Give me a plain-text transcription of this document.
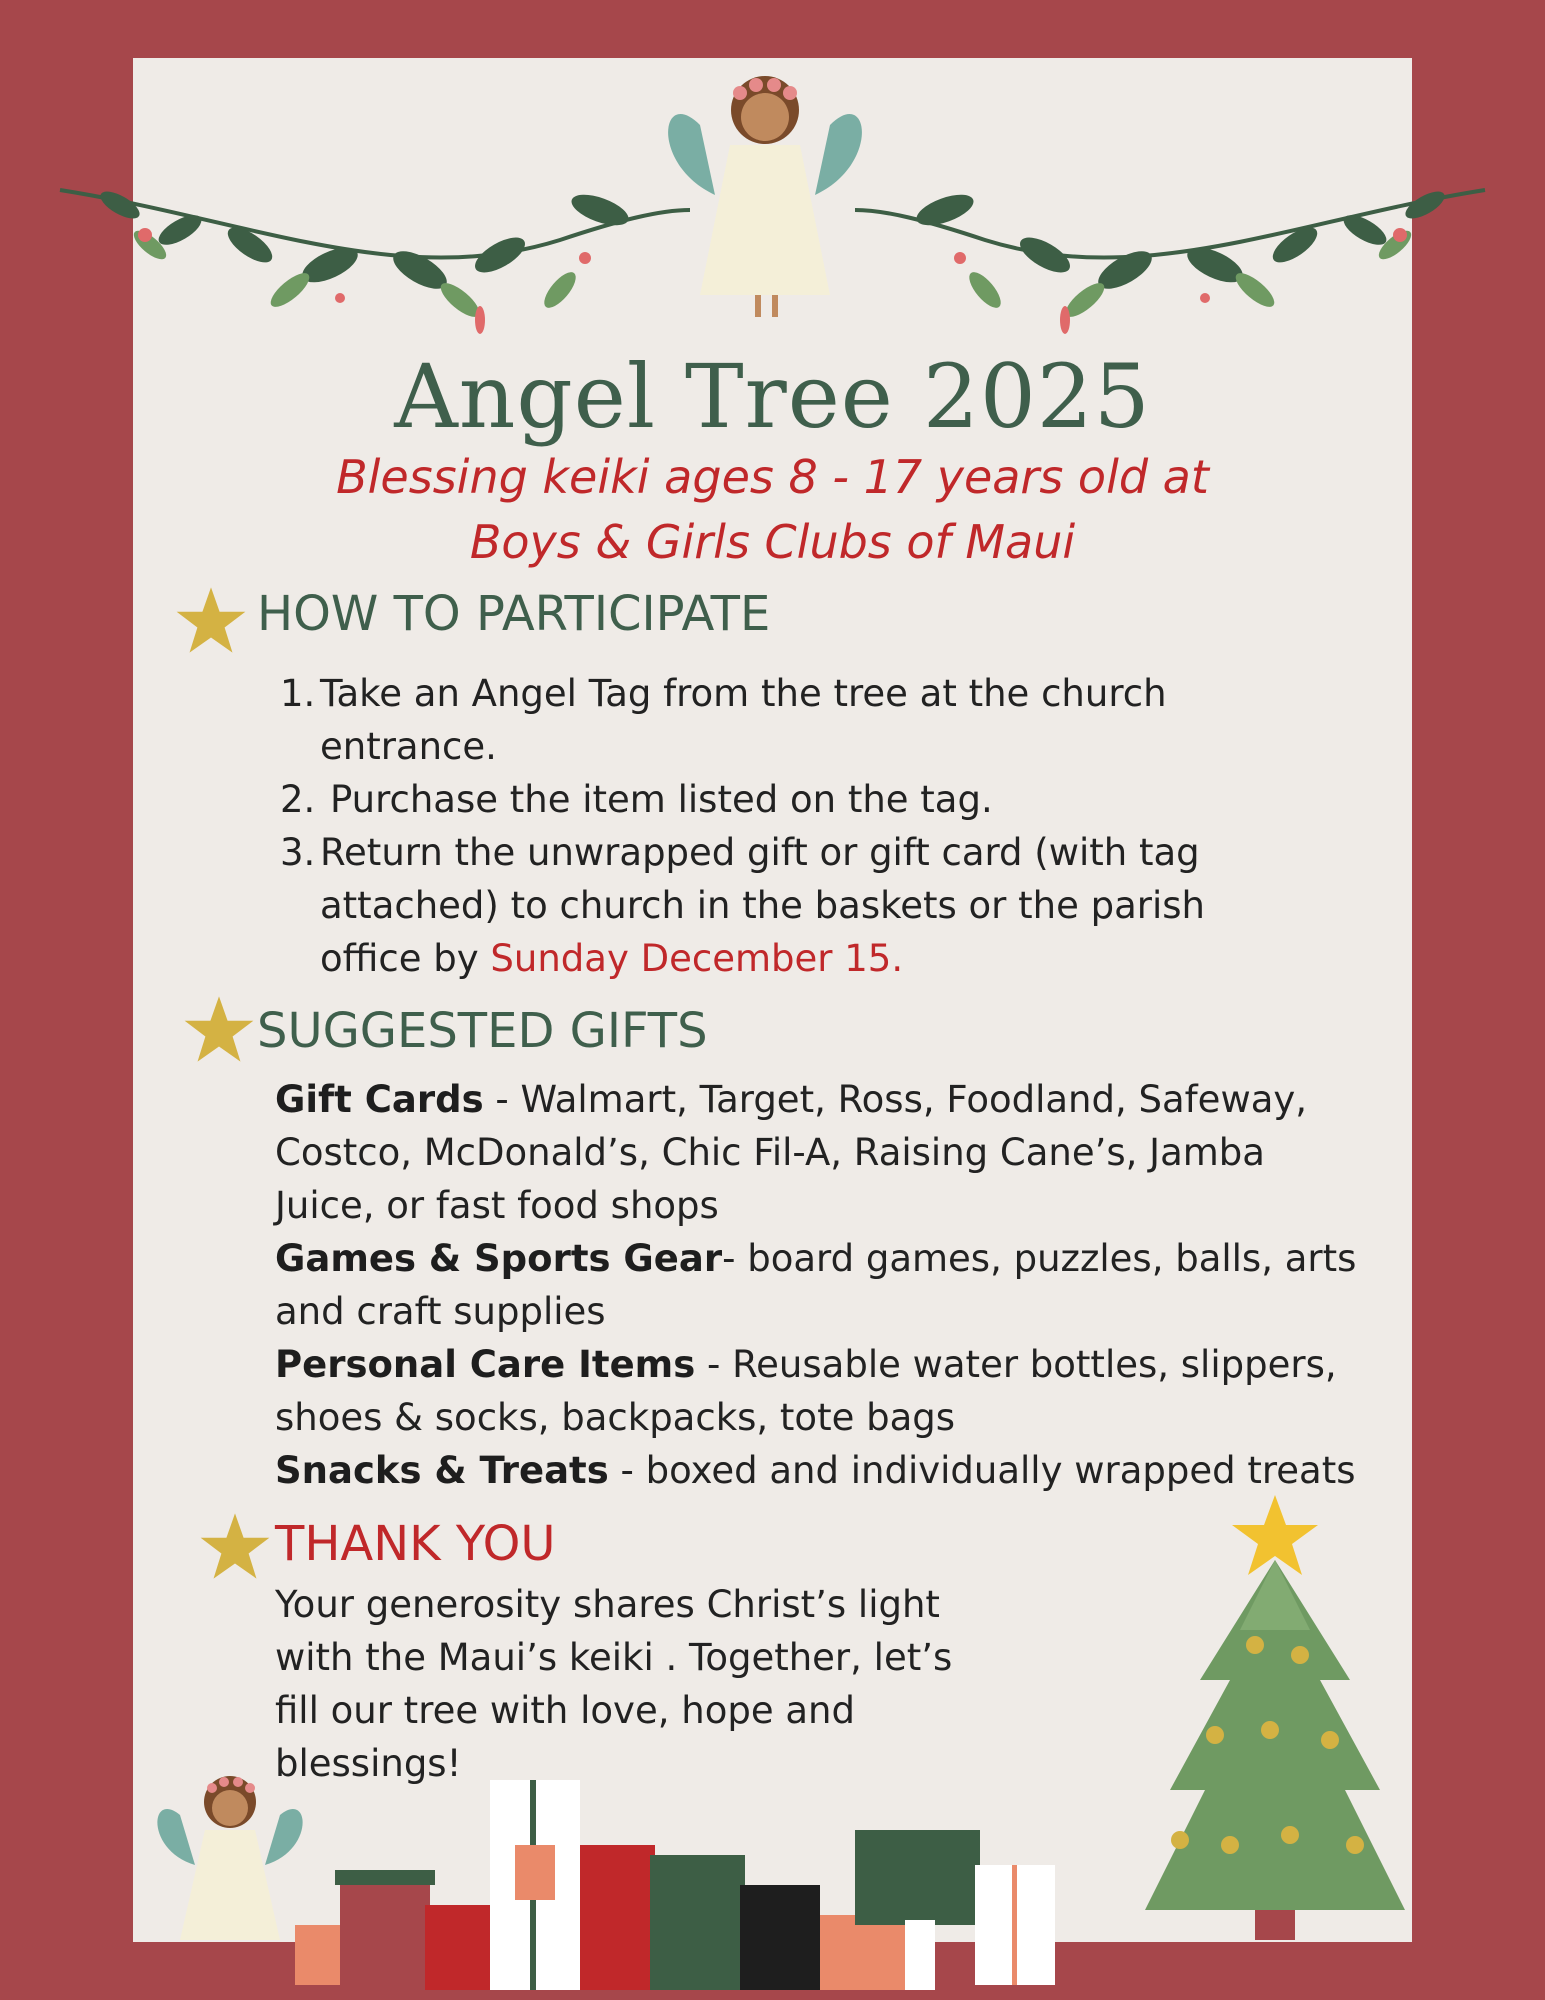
Angel Tree 2025
Blessing keiki ages 8 - 17 years old at
Boys & Girls Clubs of Maui
HOW TO PARTICIPATE
1. Take an Angel Tag from the tree at the church entrance.
2. Purchase the item listed on the tag.
3. Return the unwrapped gift or gift card (with tag attached) to church in the baskets or the parish office by Sunday December 15.
SUGGESTED GIFTS
Gift Cards - Walmart, Target, Ross, Foodland, Safeway, Costco, McDonald’s, Chic Fil-A, Raising Cane’s, Jamba Juice, or fast food shops
Games & Sports Gear- board games, puzzles, balls, arts and craft supplies
Personal Care Items - Reusable water bottles, slippers, shoes & socks, backpacks, tote bags
Snacks & Treats - boxed and individually wrapped treats
THANK YOU
Your generosity shares Christ’s light with the Maui’s keiki . Together, let’s fill our tree with love, hope and blessings!
